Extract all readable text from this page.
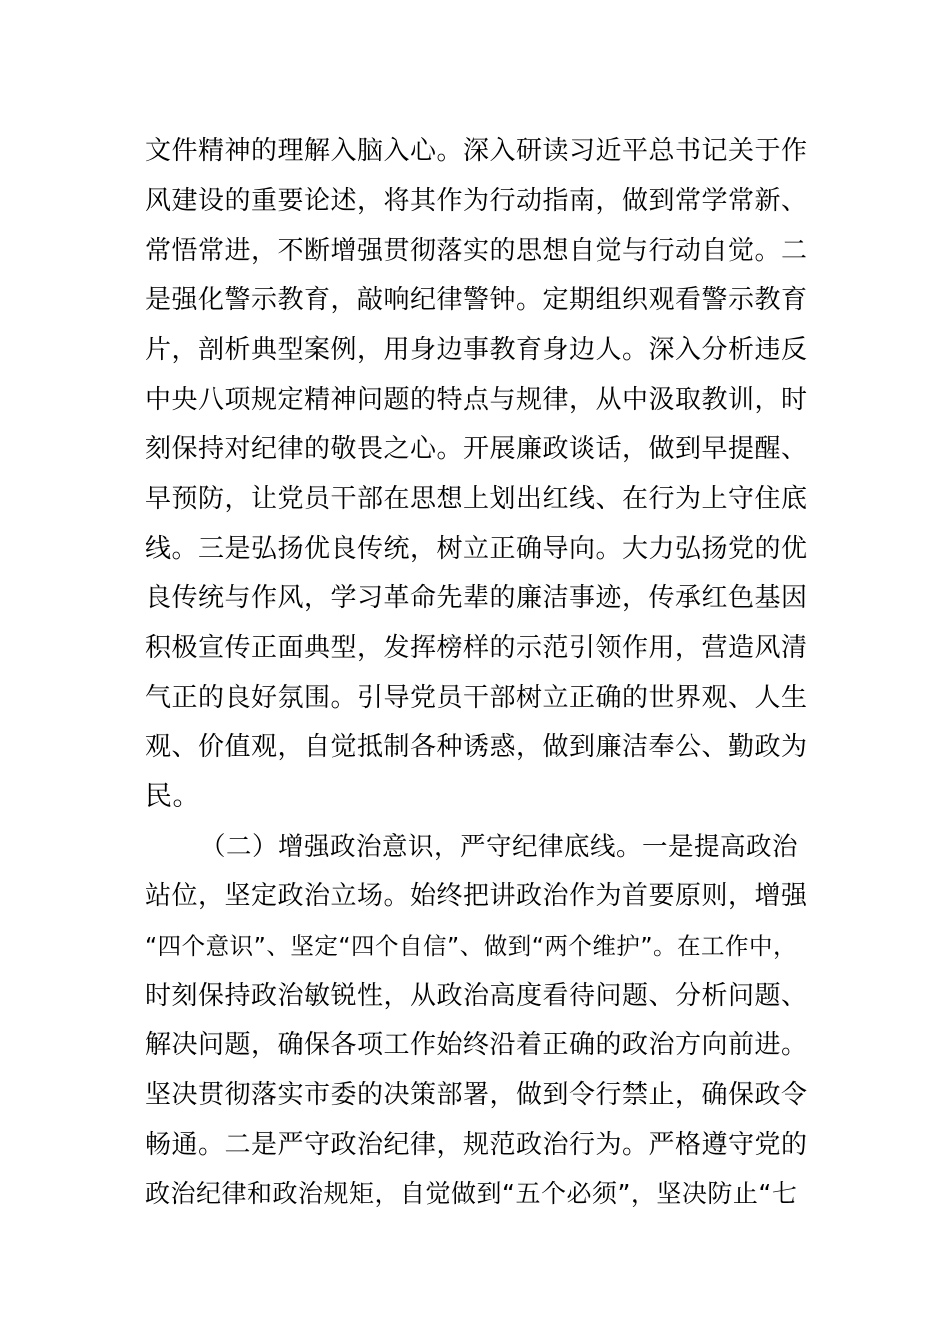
文件精神的理解入脑入心。深入研读习近平总书记关于作
风建设的重要论述，将其作为行动指南，做到常学常新、
常悟常进，不断增强贯彻落实的思想自觉与行动自觉。二
是强化警示教育，敲响纪律警钟。定期组织观看警示教育
片，剖析典型案例，用身边事教育身边人。深入分析违反
中央八项规定精神问题的特点与规律，从中汲取教训，时
刻保持对纪律的敬畏之心。开展廉政谈话，做到早提醒、
早预防，让党员干部在思想上划出红线、在行为上守住底
线。三是弘扬优良传统，树立正确导向。大力弘扬党的优
良传统与作风，学习革命先辈的廉洁事迹，传承红色基因
积极宣传正面典型，发挥榜样的示范引领作用，营造风清
气正的良好氛围。引导党员干部树立正确的世界观、人生
观、价值观，自觉抵制各种诱惑，做到廉洁奉公、勤政为
民。
（二）增强政治意识，严守纪律底线。一是提高政治
站位，坚定政治立场。始终把讲政治作为首要原则，增强
“四个意识”、坚定“四个自信”、做到“两个维护”。在工作中，
时刻保持政治敏锐性，从政治高度看待问题、分析问题、
解决问题，确保各项工作始终沿着正确的政治方向前进。
坚决贯彻落实市委的决策部署，做到令行禁止，确保政令
畅通。二是严守政治纪律，规范政治行为。严格遵守党的
政治纪律和政治规矩，自觉做到“五个必须”，坚决防止“七
